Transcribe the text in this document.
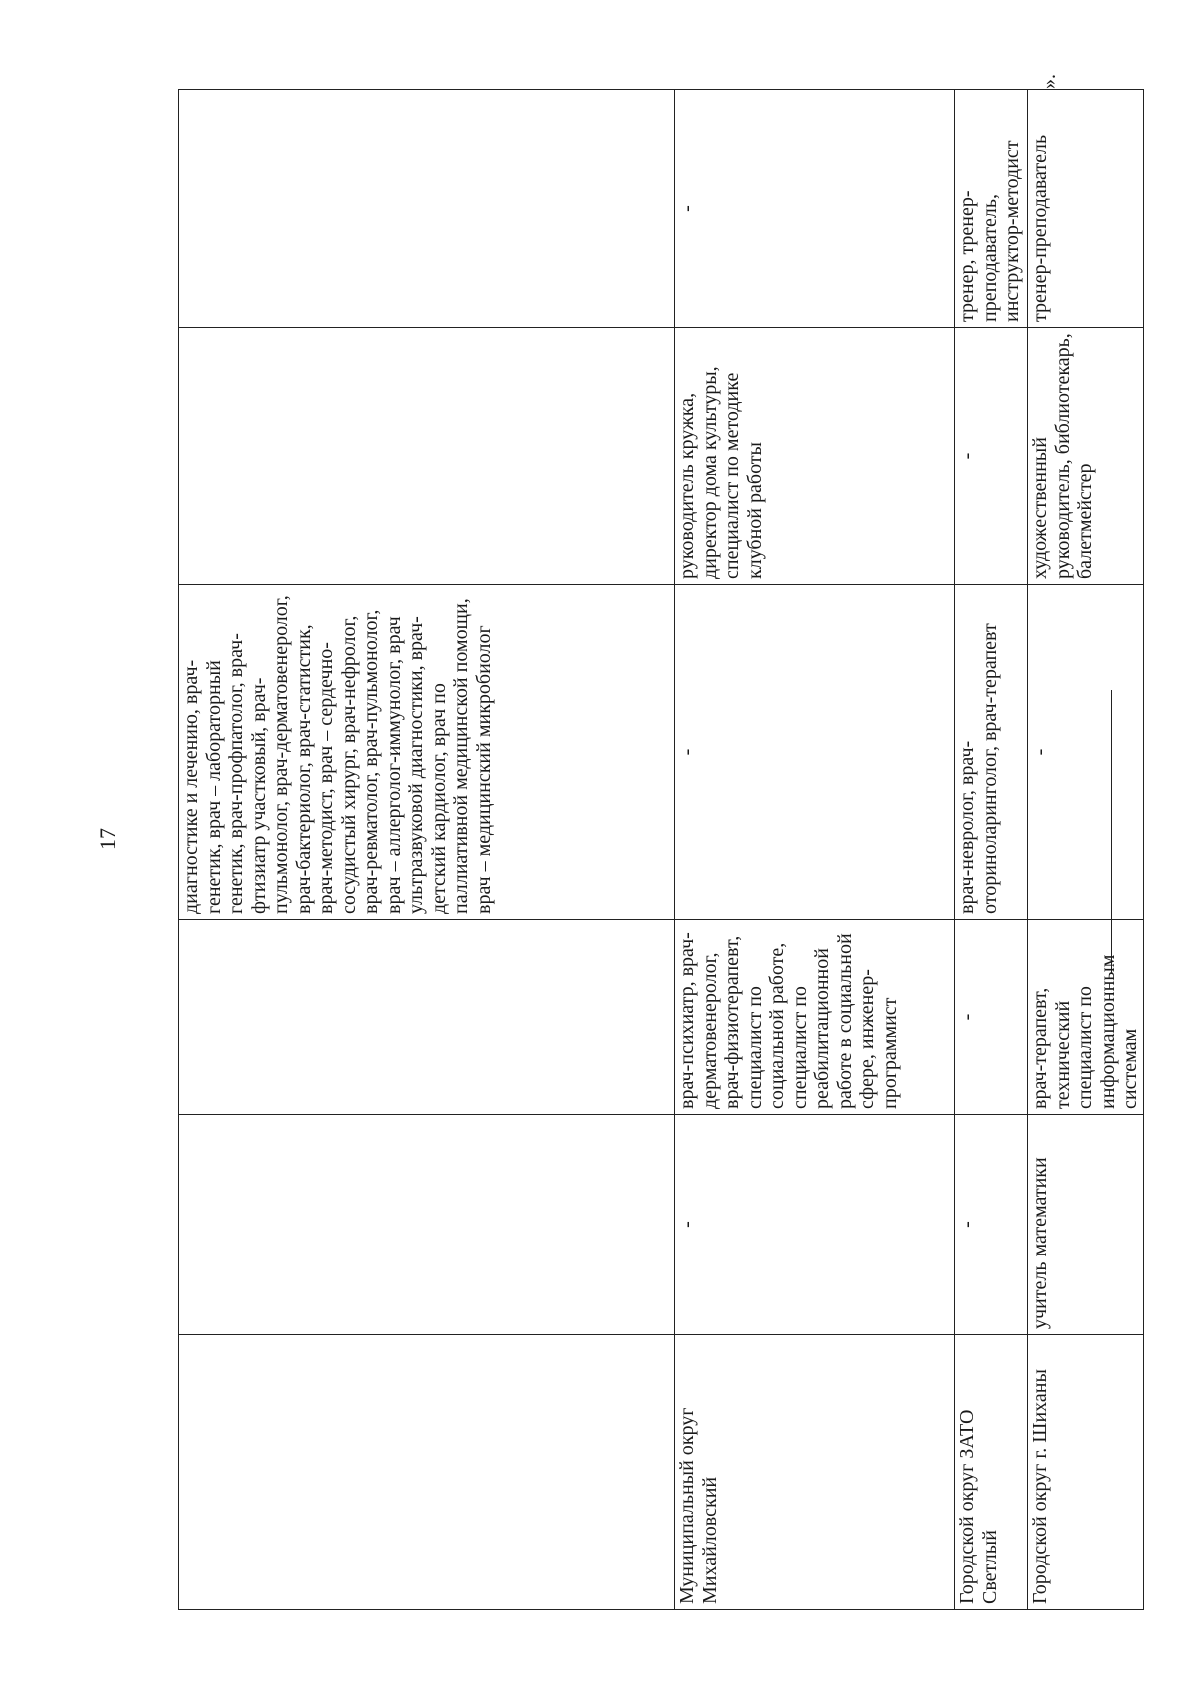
17
».
			диагностике и лечению, врач-генетик, врач – лабораторный генетик, врач-профпатолог, врач-фтизиатр участковый, врач-пульмонолог, врач-дерматовенеролог, врач-бактериолог, врач-статистик, врач-методист, врач – сердечно-сосудистый хирург, врач-нефролог, врач-ревматолог, врач-пульмонолог, врач – аллерголог-иммунолог, врач ультразвуковой диагностики, врач-детский кардиолог, врач по паллиативной медицинской помощи, врач – медицинский микробиолог		
Муниципальный округ Михайловский	-	врач-психиатр, врач-дерматовенеролог, врач-физиотерапевт, специалист по социальной работе, специалист по реабилитационной работе в социальной сфере, инженер-программист	-	руководитель кружка, директор дома культуры, специалист по методике клубной работы	-
Городской округ ЗАТО Светлый	-	-	врач-невролог, врач-оториноларинголог, врач-терапевт	-	тренер, тренер-преподаватель, инструктор-методист
Городской округ г. Шиханы	учитель математики	врач-терапевт, технический специалист по информационным системам	-	художественный руководитель, библиотекарь, балетмейстер	тренер-преподаватель
